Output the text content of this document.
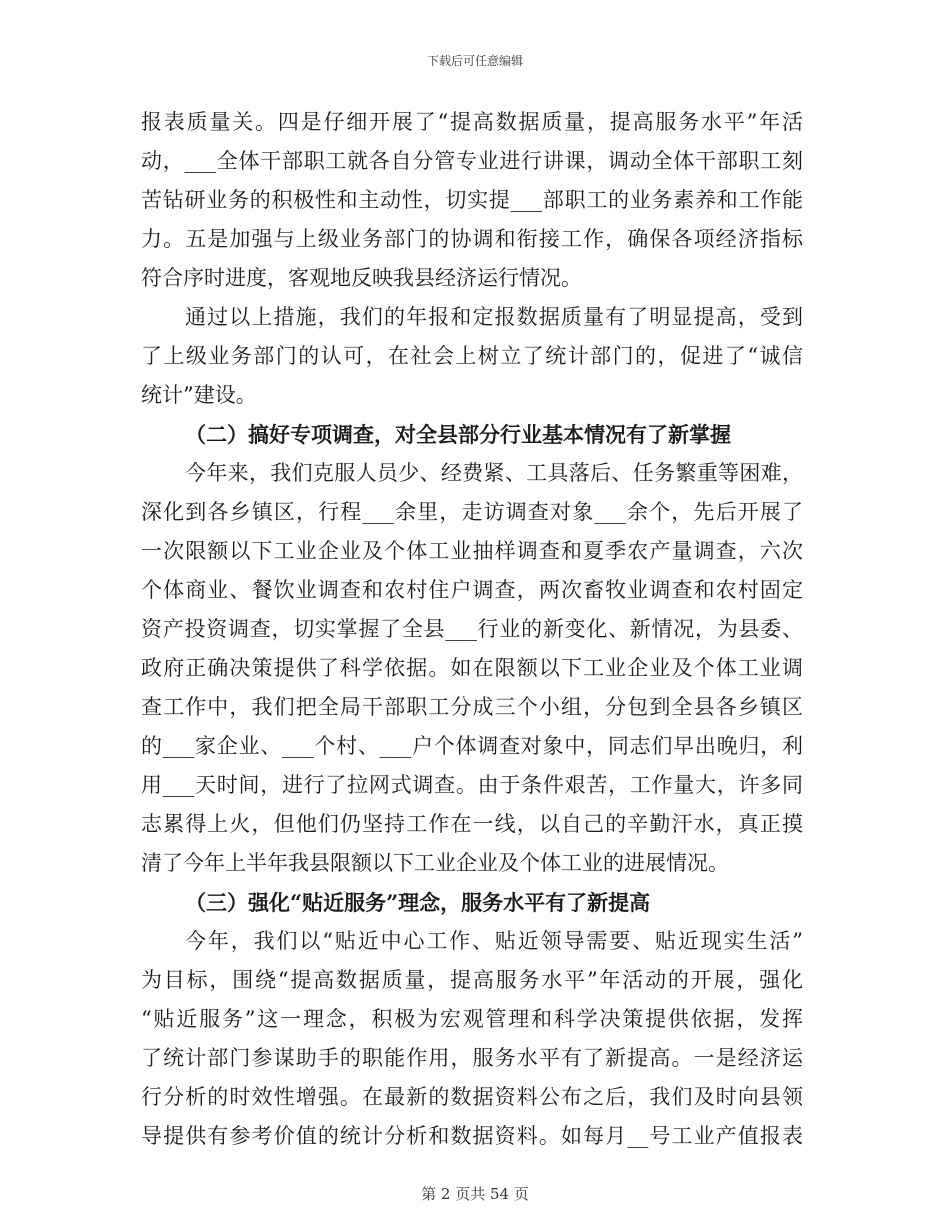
下载后可任意编辑
报表质量关。四是仔细开展了“提高数据质量，提高服务水平”年活
动，___全体干部职工就各自分管专业进行讲课，调动全体干部职工刻
苦钻研业务的积极性和主动性，切实提___部职工的业务素养和工作能
力。五是加强与上级业务部门的协调和衔接工作，确保各项经济指标
符合序时进度，客观地反映我县经济运行情况。
通过以上措施，我们的年报和定报数据质量有了明显提高，受到
了上级业务部门的认可，在社会上树立了统计部门的，促进了“诚信
统计”建设。
（二）搞好专项调查，对全县部分行业基本情况有了新掌握
今年来，我们克服人员少、经费紧、工具落后、任务繁重等困难，
深化到各乡镇区，行程___余里，走访调查对象___余个，先后开展了
一次限额以下工业企业及个体工业抽样调查和夏季农产量调查，六次
个体商业、餐饮业调查和农村住户调查，两次畜牧业调查和农村固定
资产投资调查，切实掌握了全县___行业的新变化、新情况，为县委、
政府正确决策提供了科学依据。如在限额以下工业企业及个体工业调
查工作中，我们把全局干部职工分成三个小组，分包到全县各乡镇区
的___家企业、___个村、___户个体调查对象中，同志们早出晚归，利
用___天时间，进行了拉网式调查。由于条件艰苦，工作量大，许多同
志累得上火，但他们仍坚持工作在一线，以自己的辛勤汗水，真正摸
清了今年上半年我县限额以下工业企业及个体工业的进展情况。
（三）强化“贴近服务”理念，服务水平有了新提高
今年，我们以“贴近中心工作、贴近领导需要、贴近现实生活”
为目标，围绕“提高数据质量，提高服务水平”年活动的开展，强化
“贴近服务”这一理念，积极为宏观管理和科学决策提供依据，发挥
了统计部门参谋助手的职能作用，服务水平有了新提高。一是经济运
行分析的时效性增强。在最新的数据资料公布之后，我们及时向县领
导提供有参考价值的统计分析和数据资料。如每月__号工业产值报表
第 2 页共 54 页
